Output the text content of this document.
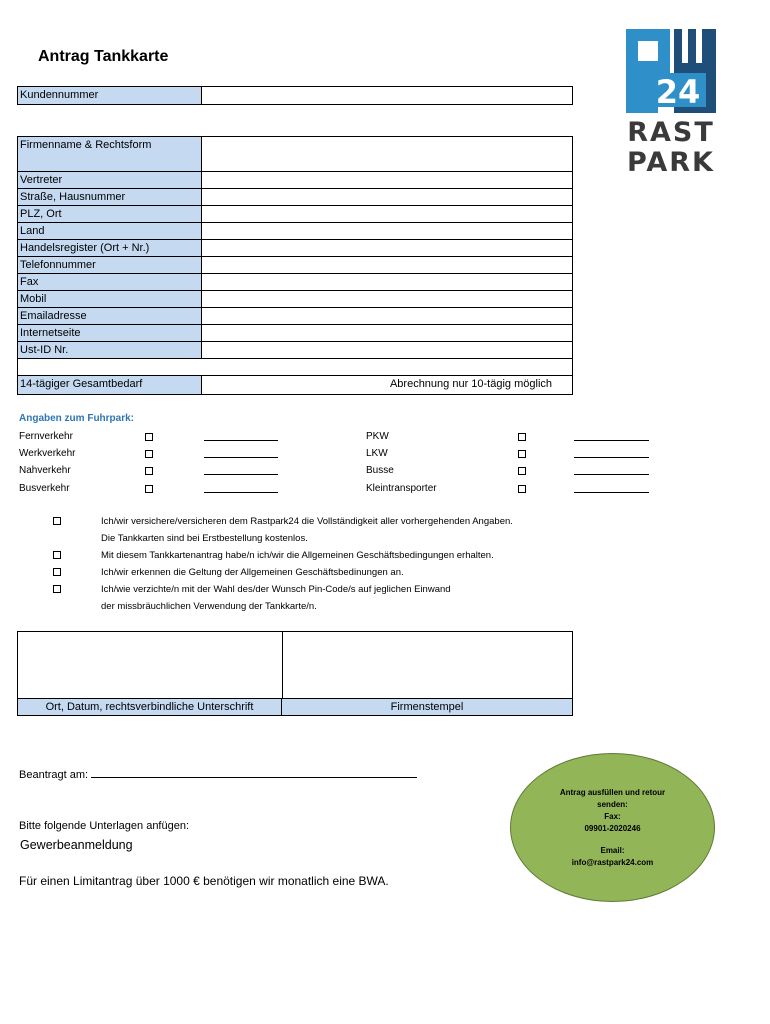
Antrag Tankkarte
24
RAST
PARK
Kundennummer
Firmenname & Rechtsform
Vertreter
Straße, Hausnummer
PLZ, Ort
Land
Handelsregister (Ort + Nr.)
Telefonnummer
Fax
Mobil
Emailadresse
Internetseite
Ust-ID Nr.
14-tägiger Gesamtbedarf	Abrechnung nur 10-tägig möglich
Angaben zum Fuhrpark:
Fernverkehr	PKW
Werkverkehr	LKW
Nahverkehr	Busse
Busverkehr	Kleintransporter
Ich/wir versichere/versicheren dem Rastpark24 die Vollständigkeit aller vorhergehenden Angaben.
Die Tankkarten sind bei Erstbestellung kostenlos.
Mit diesem Tankkartenantrag habe/n ich/wir die Allgemeinen Geschäftsbedingungen erhalten.
Ich/wir erkennen die Geltung der Allgemeinen Geschäftsbedinungen an.
Ich/wie verzichte/n mit der Wahl des/der Wunsch Pin-Code/s auf jeglichen Einwand
der missbräuchlichen Verwendung der Tankkarte/n.
Ort, Datum, rechtsverbindliche Unterschrift	Firmenstempel
Beantragt am:
Bitte folgende Unterlagen anfügen:
Gewerbeanmeldung
Für einen Limitantrag über 1000 € benötigen wir monatlich eine BWA.
Antrag ausfüllen und retour
senden:
Fax:
09901-2020246
Email:
info@rastpark24.com
